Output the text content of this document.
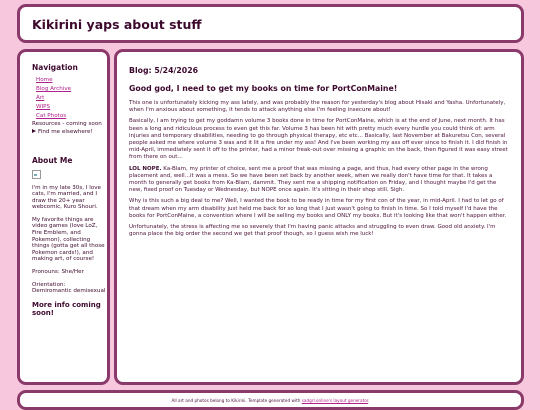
Kikirini yaps about stuff
Navigation
Home
Blog Archive
Art
WIPS
Cat Photos
Resources - coming soon
Find me elsewhere!
About Me

I'm in my late 30s, I love cats, I'm married, and I draw the 20+ year webcomic, Kuro Shouri.

My favorite things are video games (love LoZ, Fire Emblem, and Pokemon), collecting things (gotta get all those Pokemon cards!), and making art, of course!

Pronouns: She/Her

Orientation: Demiromantic demisexual

More info coming soon!
Blog: 5/24/2026
Good god, I need to get my books on time for PortConMaine!

This one is unfortunately kicking my ass lately, and was probably the reason for yesterday's blog about Hisaki and Yasha. Unfortunately, when I'm anxious about something, it tends to attack anything else I'm feeling insecure about!

Basically, I am trying to get my goddamn volume 3 books done in time for PortConMaine, which is at the end of June, next month. It has been a long and ridiculous process to even get this far. Volume 3 has been hit with pretty much every hurdle you could think of: arm injuries and temporary disabilities, needing to go through physical therapy, etc etc... Basically, last November at Bakuretsu Con, several people asked me where volume 3 was and it lit a fire under my ass! And I've been working my ass off ever since to finish it. I did finish in mid-April, immediately sent it off to the printer, had a minor freak-out over missing a graphic on the back, then figured it was easy street from there on out...

LOL NOPE. Ka-Blam, my printer of choice, sent me a proof that was missing a page, and thus, had every other page in the wrong placement and, well...it was a mess. So we have been set back by another week, when we really don't have time for that. It takes a month to generally get books from Ka-Blam, dammit. They sent me a shipping notification on Friday, and I thought maybe I'd get the new, fixed proof on Tuesday or Wednesday, but NOPE once again. It's sitting in their shop still. Sigh.

Why is this such a big deal to me? Well, I wanted the book to be ready in time for my first con of the year, in mid-April. I had to let go of that dream when my arm disability just held me back for so long that I just wasn't going to finish in time. So I told myself I'd have the books for PortConMaine, a convention where I will be selling my books and ONLY my books. But it's looking like that won't happen either.

Unfortunately, the stress is affecting me so severely that I'm having panic attacks and struggling to even draw. Good old anxiety. I'm gonna place the big order the second we get that proof though, so I guess wish me luck!

All art and photos belong to Kikirini. Template generated with sadgrl.online's layout generator.
